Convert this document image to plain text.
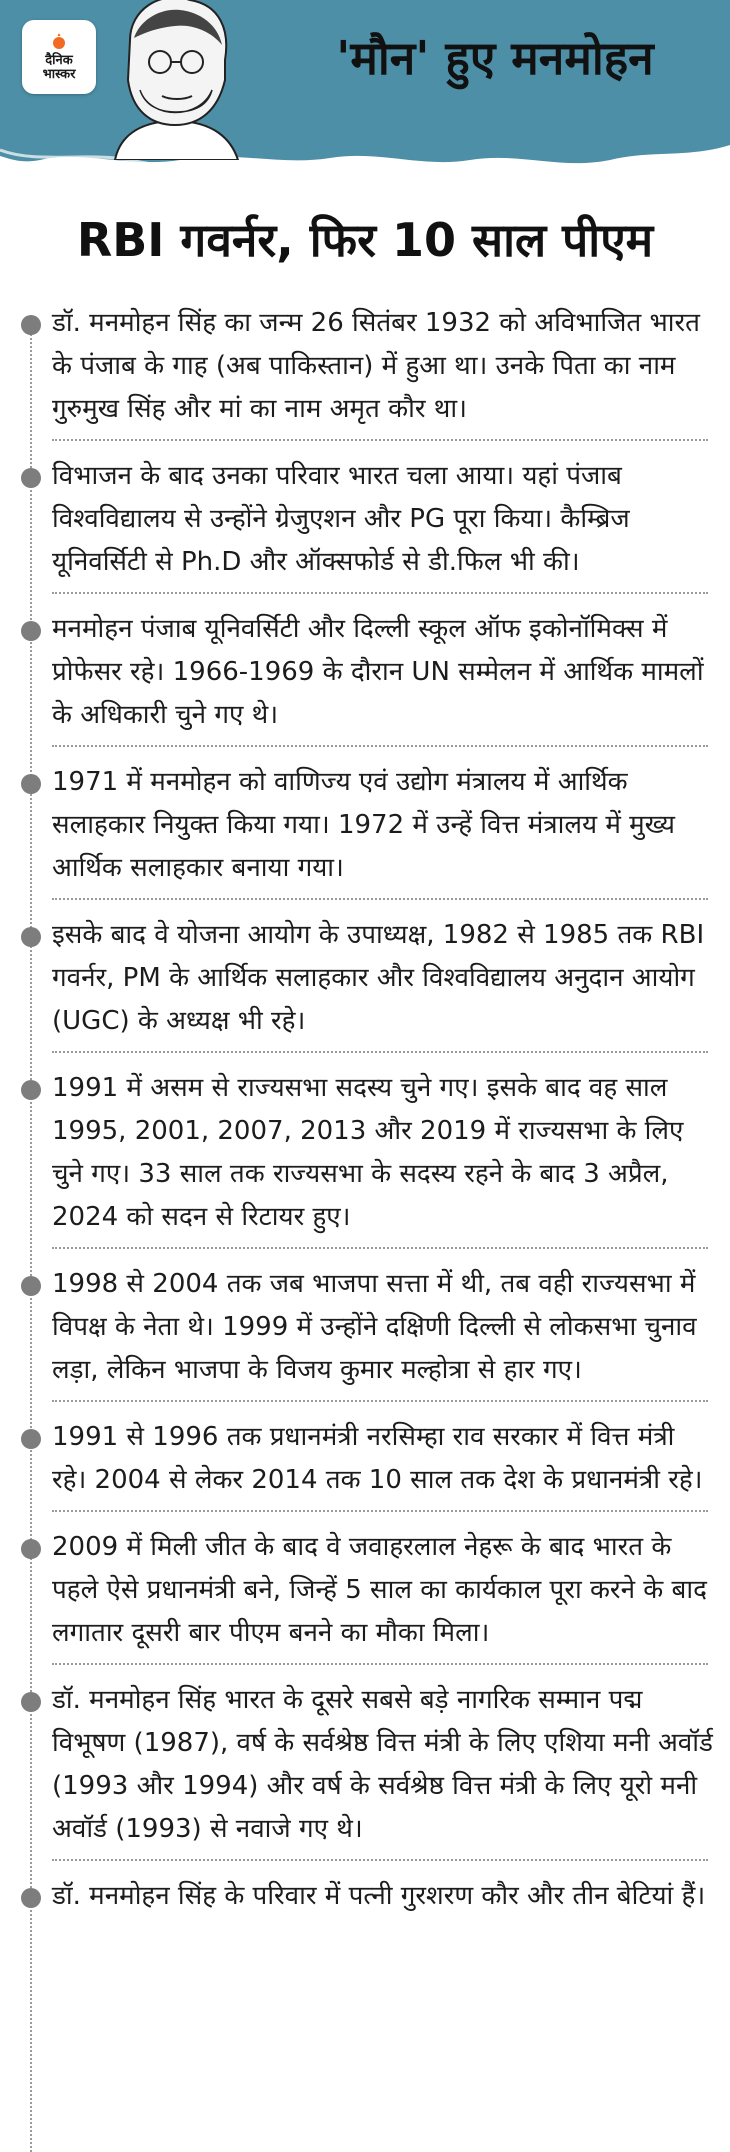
दैनिक
भास्कर	'मौन' हुए मनमोहन
RBI गवर्नर, फिर 10 साल पीएम
डॉ. मनमोहन सिंह का जन्म 26 सितंबर 1932 को अविभाजित भारत के पंजाब के गाह (अब पाकिस्तान) में हुआ था। उनके पिता का नाम गुरुमुख सिंह और मां का नाम अमृत कौर था।
विभाजन के बाद उनका परिवार भारत चला आया। यहां पंजाब विश्वविद्यालय से उन्होंने ग्रेजुएशन और PG पूरा किया। कैम्ब्रिज यूनिवर्सिटी से Ph.D और ऑक्सफोर्ड से डी.फिल भी की।
मनमोहन पंजाब यूनिवर्सिटी और दिल्ली स्कूल ऑफ इकोनॉमिक्स में प्रोफेसर रहे। 1966-1969 के दौरान UN सम्मेलन में आर्थिक मामलों के अधिकारी चुने गए थे।
1971 में मनमोहन को वाणिज्य एवं उद्योग मंत्रालय में आर्थिक सलाहकार नियुक्त किया गया। 1972 में उन्हें वित्त मंत्रालय में मुख्य आर्थिक सलाहकार बनाया गया।
इसके बाद वे योजना आयोग के उपाध्यक्ष, 1982 से 1985 तक RBI गवर्नर, PM के आर्थिक सलाहकार और विश्वविद्यालय अनुदान आयोग (UGC) के अध्यक्ष भी रहे।
1991 में असम से राज्यसभा सदस्य चुने गए। इसके बाद वह साल 1995, 2001, 2007, 2013 और 2019 में राज्यसभा के लिए चुने गए। 33 साल तक राज्यसभा के सदस्य रहने के बाद 3 अप्रैल, 2024 को सदन से रिटायर हुए।
1998 से 2004 तक जब भाजपा सत्ता में थी, तब वही राज्यसभा में विपक्ष के नेता थे। 1999 में उन्होंने दक्षिणी दिल्ली से लोकसभा चुनाव लड़ा, लेकिन भाजपा के विजय कुमार मल्होत्रा से हार गए।
1991 से 1996 तक प्रधानमंत्री नरसिम्हा राव सरकार में वित्त मंत्री रहे। 2004 से लेकर 2014 तक 10 साल तक देश के प्रधानमंत्री रहे।
2009 में मिली जीत के बाद वे जवाहरलाल नेहरू के बाद भारत के पहले ऐसे प्रधानमंत्री बने, जिन्हें 5 साल का कार्यकाल पूरा करने के बाद लगातार दूसरी बार पीएम बनने का मौका मिला।
डॉ. मनमोहन सिंह भारत के दूसरे सबसे बड़े नागरिक सम्मान पद्म विभूषण (1987), वर्ष के सर्वश्रेष्ठ वित्त मंत्री के लिए एशिया मनी अवॉर्ड (1993 और 1994) और वर्ष के सर्वश्रेष्ठ वित्त मंत्री के लिए यूरो मनी अवॉर्ड (1993) से नवाजे गए थे।
डॉ. मनमोहन सिंह के परिवार में पत्नी गुरशरण कौर और तीन बेटियां हैं।
